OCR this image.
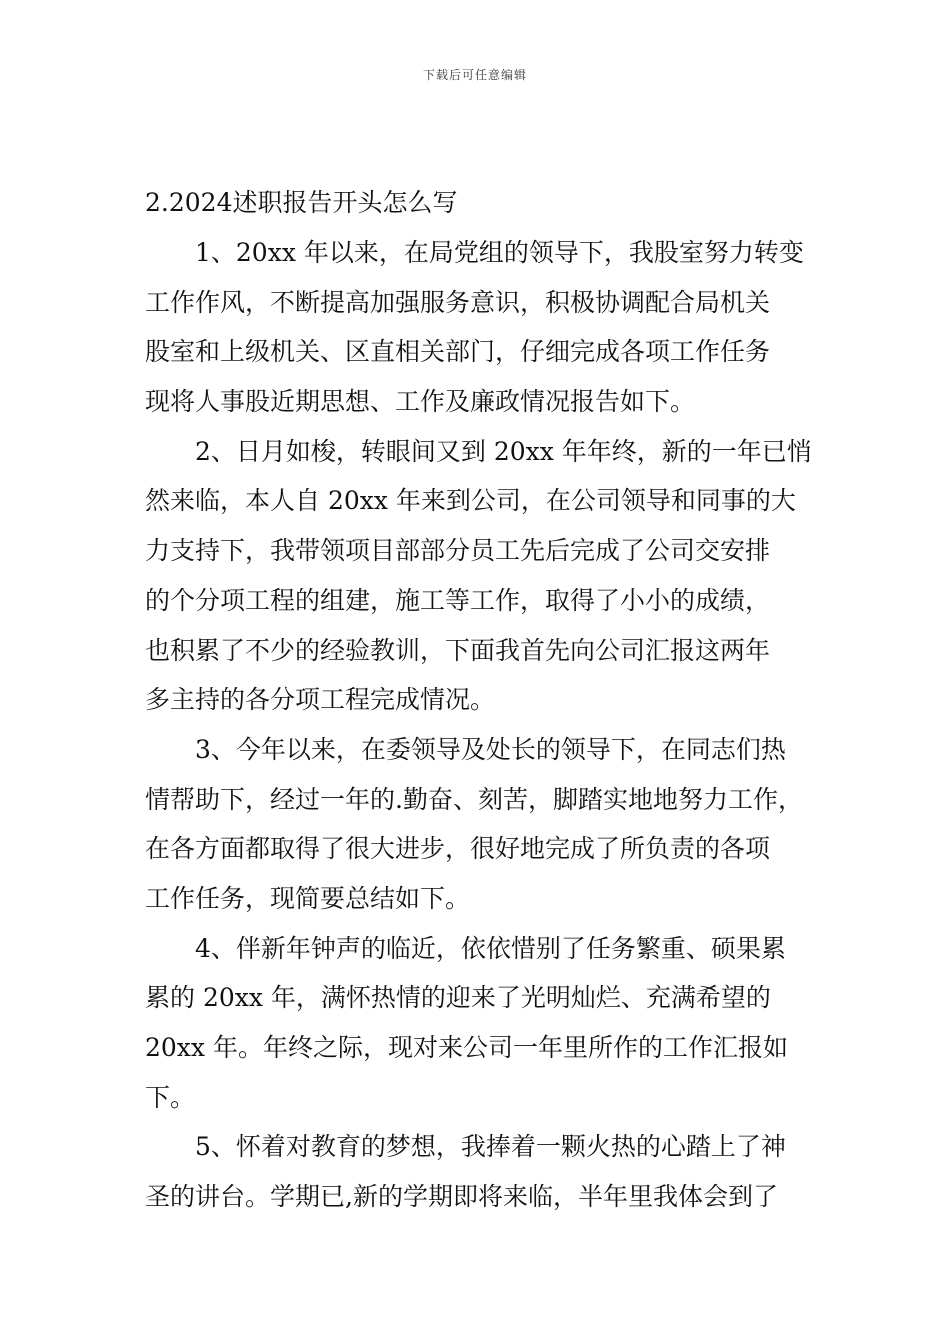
下载后可任意编辑
2.2024述职报告开头怎么写

1、20xx 年以来，在局党组的领导下，我股室努力转变
工作作风，不断提高加强服务意识，积极协调配合局机关
股室和上级机关、区直相关部门，仔细完成各项工作任务
现将人事股近期思想、工作及廉政情况报告如下。

2、日月如梭，转眼间又到 20xx 年年终，新的一年已悄
然来临，本人自 20xx 年来到公司，在公司领导和同事的大
力支持下，我带领项目部部分员工先后完成了公司交安排
的个分项工程的组建，施工等工作，取得了小小的成绩，
也积累了不少的经验教训，下面我首先向公司汇报这两年
多主持的各分项工程完成情况。

3、今年以来，在委领导及处长的领导下，在同志们热
情帮助下，经过一年的.勤奋、刻苦，脚踏实地地努力工作，
在各方面都取得了很大进步，很好地完成了所负责的各项
工作任务，现简要总结如下。

4、伴新年钟声的临近，依依惜别了任务繁重、硕果累
累的 20xx 年，满怀热情的迎来了光明灿烂、充满希望的
20xx 年。年终之际，现对来公司一年里所作的工作汇报如
下。

5、怀着对教育的梦想，我捧着一颗火热的心踏上了神
圣的讲台。学期已,新的学期即将来临，半年里我体会到了
